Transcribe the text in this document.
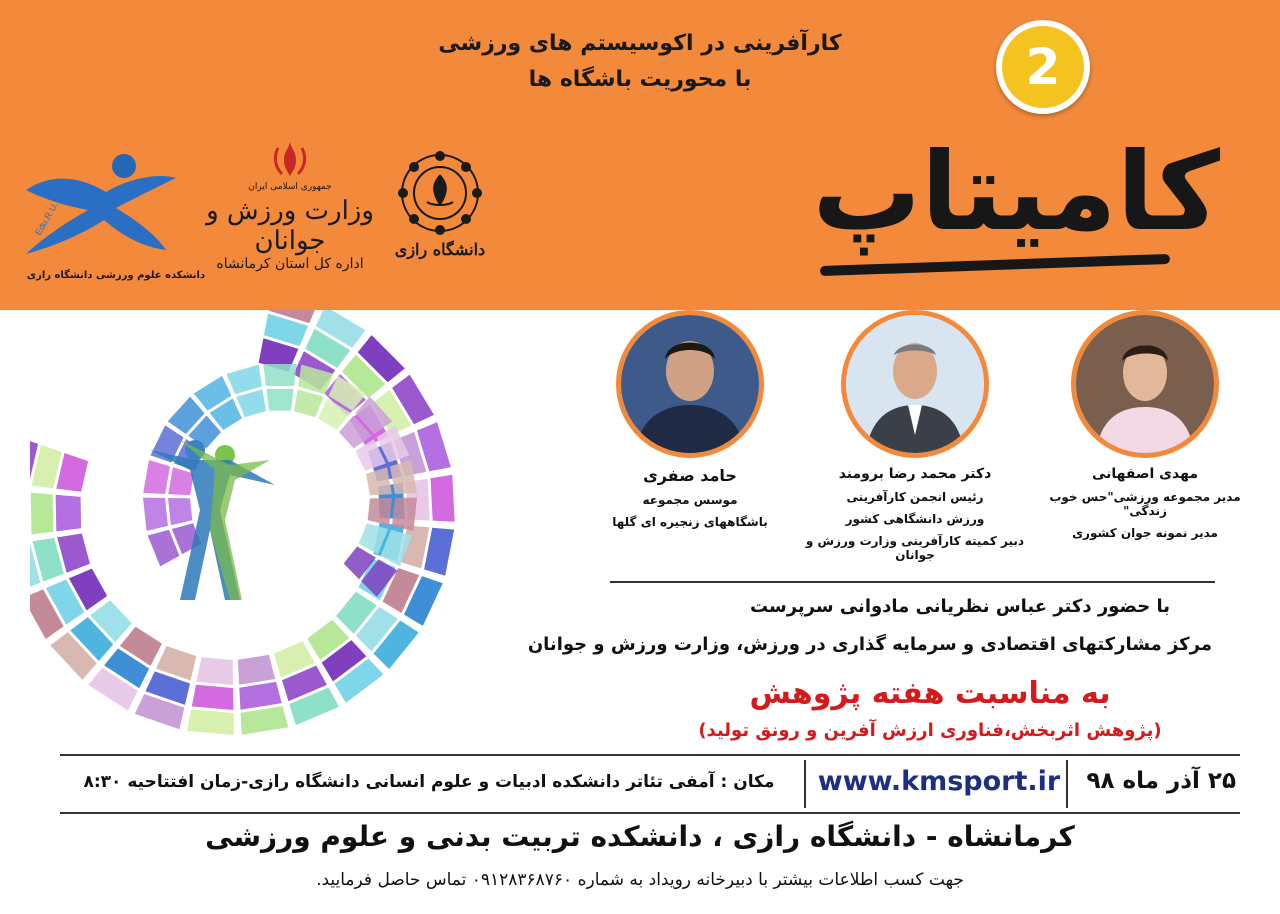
کارآفرینی در اکوسیستم های ورزشی
با محوریت باشگاه ها	2
کامیتاپ
Edu.R.U.
دانشکده علوم ورزشی دانشگاه رازی
جمهوری اسلامی ایران
وزارت ورزش و جوانان
اداره کل استان کرمانشاه
دانشگاه رازی
مهدی اصفهانی
مدیر مجموعه ورزشی"حس خوب زندگی"
مدیر نمونه جوان کشوری
دکتر محمد رضا برومند
رئیس انجمن کارآفرینی
ورزش دانشگاهی کشور
دبیر کمیته کارآفرینی وزارت ورزش و جوانان
حامد صفری
موسس مجموعه
باشگاههای زنجیره ای گلها
با حضور دکتر عباس نظریانی مادوانی سرپرست
مرکز مشارکتهای اقتصادی و سرمایه گذاری در ورزش، وزارت ورزش و جوانان
به مناسبت هفته پژوهش
(پژوهش اثربخش،فناوری ارزش آفرین و رونق تولید)
۲۵ آذر ماه ۹۸
www.kmsport.ir
مکان : آمفی تئاتر دانشکده ادبیات و علوم انسانی دانشگاه رازی-زمان افتتاحیه ۸:۳۰
کرمانشاه - دانشگاه رازی ، دانشکده تربیت بدنی و علوم ورزشی
جهت کسب اطلاعات بیشتر با دبیرخانه رویداد به شماره ۰۹۱۲۸۳۶۸۷۶۰ تماس حاصل فرمایید.
